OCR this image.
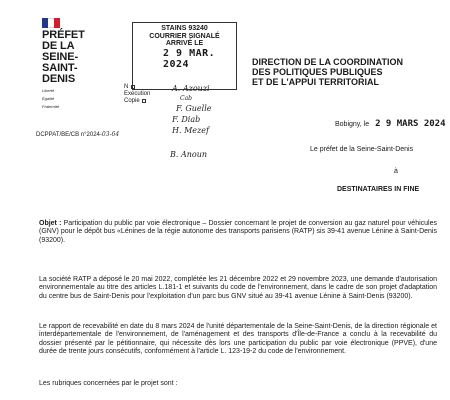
PRÉFET
DE LA SEINE-
SAINT-DENIS
Liberté
Égalité
Fraternité
STAINS 93240
COURRIER SIGNALÉ
ARRIVÉ LE
2 9 MAR. 2024
N
Exécution
Copie
A. Azouzi
Cab
F. Guelle
F. Diab
H. Mezef
B. Anoun
DIRECTION DE LA COORDINATION
DES POLITIQUES PUBLIQUES
ET DE L'APPUI TERRITORIAL
Bobigny, le 2 9 MARS 2024
DCPPAT/BE/CB n°2024-03-64
Le préfet de la Seine-Saint-Denis
à
DESTINATAIRES IN FINE
Objet : Participation du public par voie électronique – Dossier concernant le projet de conversion au gaz naturel pour véhicules (GNV) pour le dépôt bus «Lénines de la régie autonome des transports parisiens (RATP) sis 39-41 avenue Lénine à Saint-Denis (93200).
La société RATP a déposé le 20 mai 2022, complétée les 21 décembre 2022 et 29 novembre 2023, une demande d'autorisation environnementale au titre des articles L.181-1 et suivants du code de l'environnement, dans le cadre de son projet d'adaptation du centre bus de Saint-Denis pour l'exploitation d'un parc bus GNV situé au 39-41 avenue Lénine à Saint-Denis (93200).
Le rapport de recevabilité en date du 8 mars 2024 de l'unité départementale de la Seine-Saint-Denis, de la direction régionale et interdépartementale de l'environnement, de l'aménagement et des transports d'Île-de-France a conclu à la recevabilité du dossier présenté par le pétitionnaire, qui nécessite dès lors une participation du public par voie électronique (PPVE), d'une durée de trente jours consécutifs, conformément à l'article L. 123-19-2 du code de l'environnement.
Les rubriques concernées par le projet sont :
